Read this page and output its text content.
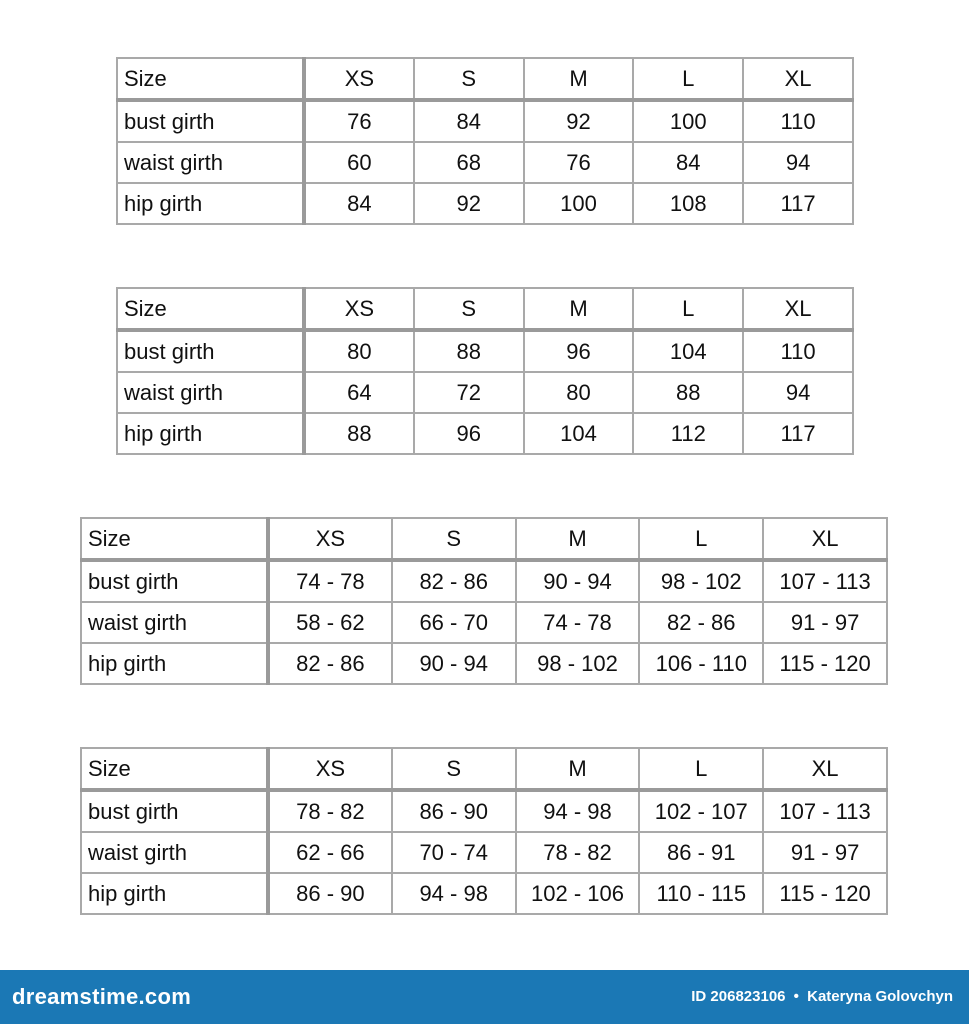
Size	XS	S	M	L	XL
bust girth	76	84	92	100	110
waist girth	60	68	76	84	94
hip girth	84	92	100	108	117
Size	XS	S	M	L	XL
bust girth	80	88	96	104	110
waist girth	64	72	80	88	94
hip girth	88	96	104	112	117
Size	XS	S	M	L	XL
bust girth	74 - 78	82 - 86	90 - 94	98 - 102	107 - 113
waist girth	58 - 62	66 - 70	74 - 78	82 - 86	91 - 97
hip girth	82 - 86	90 - 94	98 - 102	106 - 110	115 - 120
Size	XS	S	M	L	XL
bust girth	78 - 82	86 - 90	94 - 98	102 - 107	107 - 113
waist girth	62 - 66	70 - 74	78 - 82	86 - 91	91 - 97
hip girth	86 - 90	94 - 98	102 - 106	110 - 115	115 - 120
dreamstime.com	ID 206823106 • Kateryna Golovchyn
